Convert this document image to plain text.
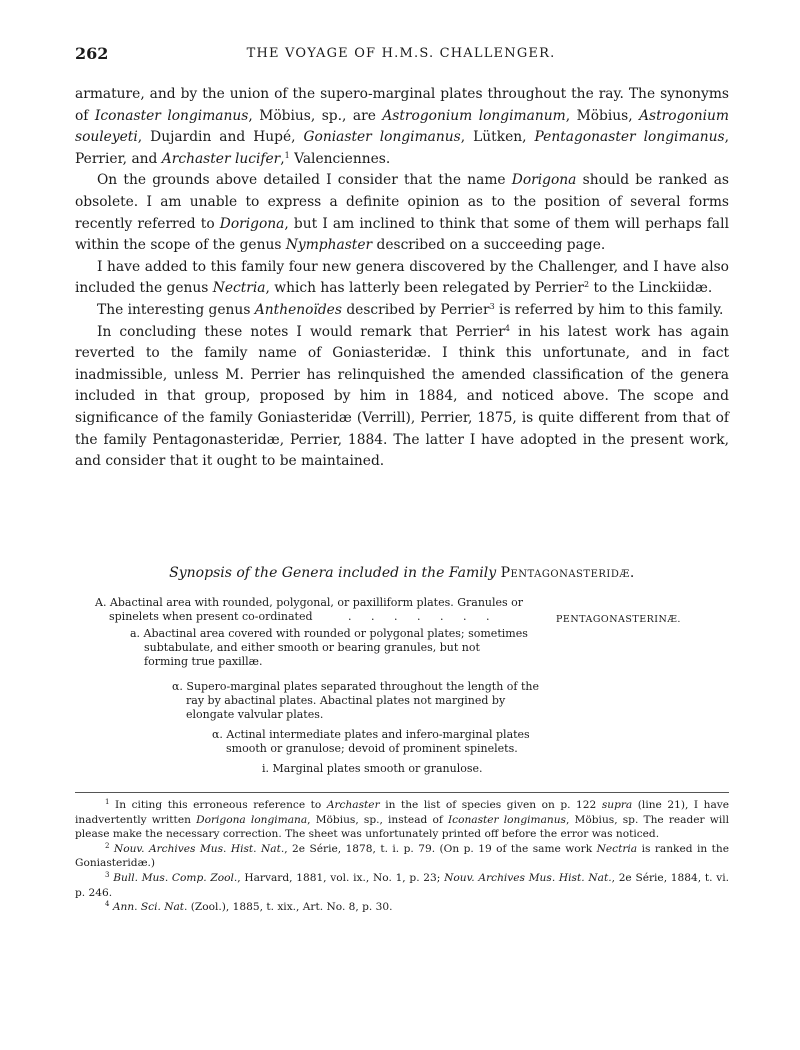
262	THE VOYAGE OF H.M.S. CHALLENGER.

armature, and by the union of the supero-marginal plates throughout the ray. The synonyms of Iconaster longimanus, Möbius, sp., are Astrogonium longimanum, Möbius, Astrogonium souleyeti, Dujardin and Hupé, Goniaster longimanus, Lütken, Pentagonaster longimanus, Perrier, and Archaster lucifer,$^1$ Valenciennes.

On the grounds above detailed I consider that the name Dorigona should be ranked as obsolete. I am unable to express a definite opinion as to the position of several forms recently referred to Dorigona, but I am inclined to think that some of them will perhaps fall within the scope of the genus Nymphaster described on a succeeding page.

I have added to this family four new genera discovered by the Challenger, and I have also included the genus Nectria, which has latterly been relegated by Perrier$^2$ to the Linckiidæ.

The interesting genus Anthenoïdes described by Perrier$^3$ is referred by him to this family.

In concluding these notes I would remark that Perrier$^4$ in his latest work has again reverted to the family name of Goniasteridæ. I think this unfortunate, and in fact inadmissible, unless M. Perrier has relinquished the amended classification of the genera included in that group, proposed by him in 1884, and noticed above. The scope and significance of the family Goniasteridæ (Verrill), Perrier, 1875, is quite different from that of the family Pentagonasteridæ, Perrier, 1884. The latter I have adopted in the present work, and consider that it ought to be maintained.

Synopsis of the Genera included in the Family Pentagonasteridæ.
A. Abactinal area with rounded, polygonal, or paxilliform plates. Granules or
spinelets when present co-ordinated	. . . . . . .	PENTAGONASTERINÆ.
a. Abactinal area covered with rounded or polygonal plates; sometimes
subtabulate, and either smooth or bearing granules, but not
forming true paxillæ.
α. Supero-marginal plates separated throughout the length of the
ray by abactinal plates. Abactinal plates not margined by
elongate valvular plates.
α. Actinal intermediate plates and infero-marginal plates
smooth or granulose; devoid of prominent spinelets.
i. Marginal plates smooth or granulose.

$^1$ In citing this erroneous reference to Archaster in the list of species given on p. 122 supra (line 21), I have inadvertently written Dorigona longimana, Möbius, sp., instead of Iconaster longimanus, Möbius, sp. The reader will please make the necessary correction. The sheet was unfortunately printed off before the error was noticed.

$^2$ Nouv. Archives Mus. Hist. Nat., 2e Série, 1878, t. i. p. 79. (On p. 19 of the same work Nectria is ranked in the Goniasteridæ.)

$^3$ Bull. Mus. Comp. Zool., Harvard, 1881, vol. ix., No. 1, p. 23; Nouv. Archives Mus. Hist. Nat., 2e Série, 1884, t. vi. p. 246.

$^4$ Ann. Sci. Nat. (Zool.), 1885, t. xix., Art. No. 8, p. 30.
